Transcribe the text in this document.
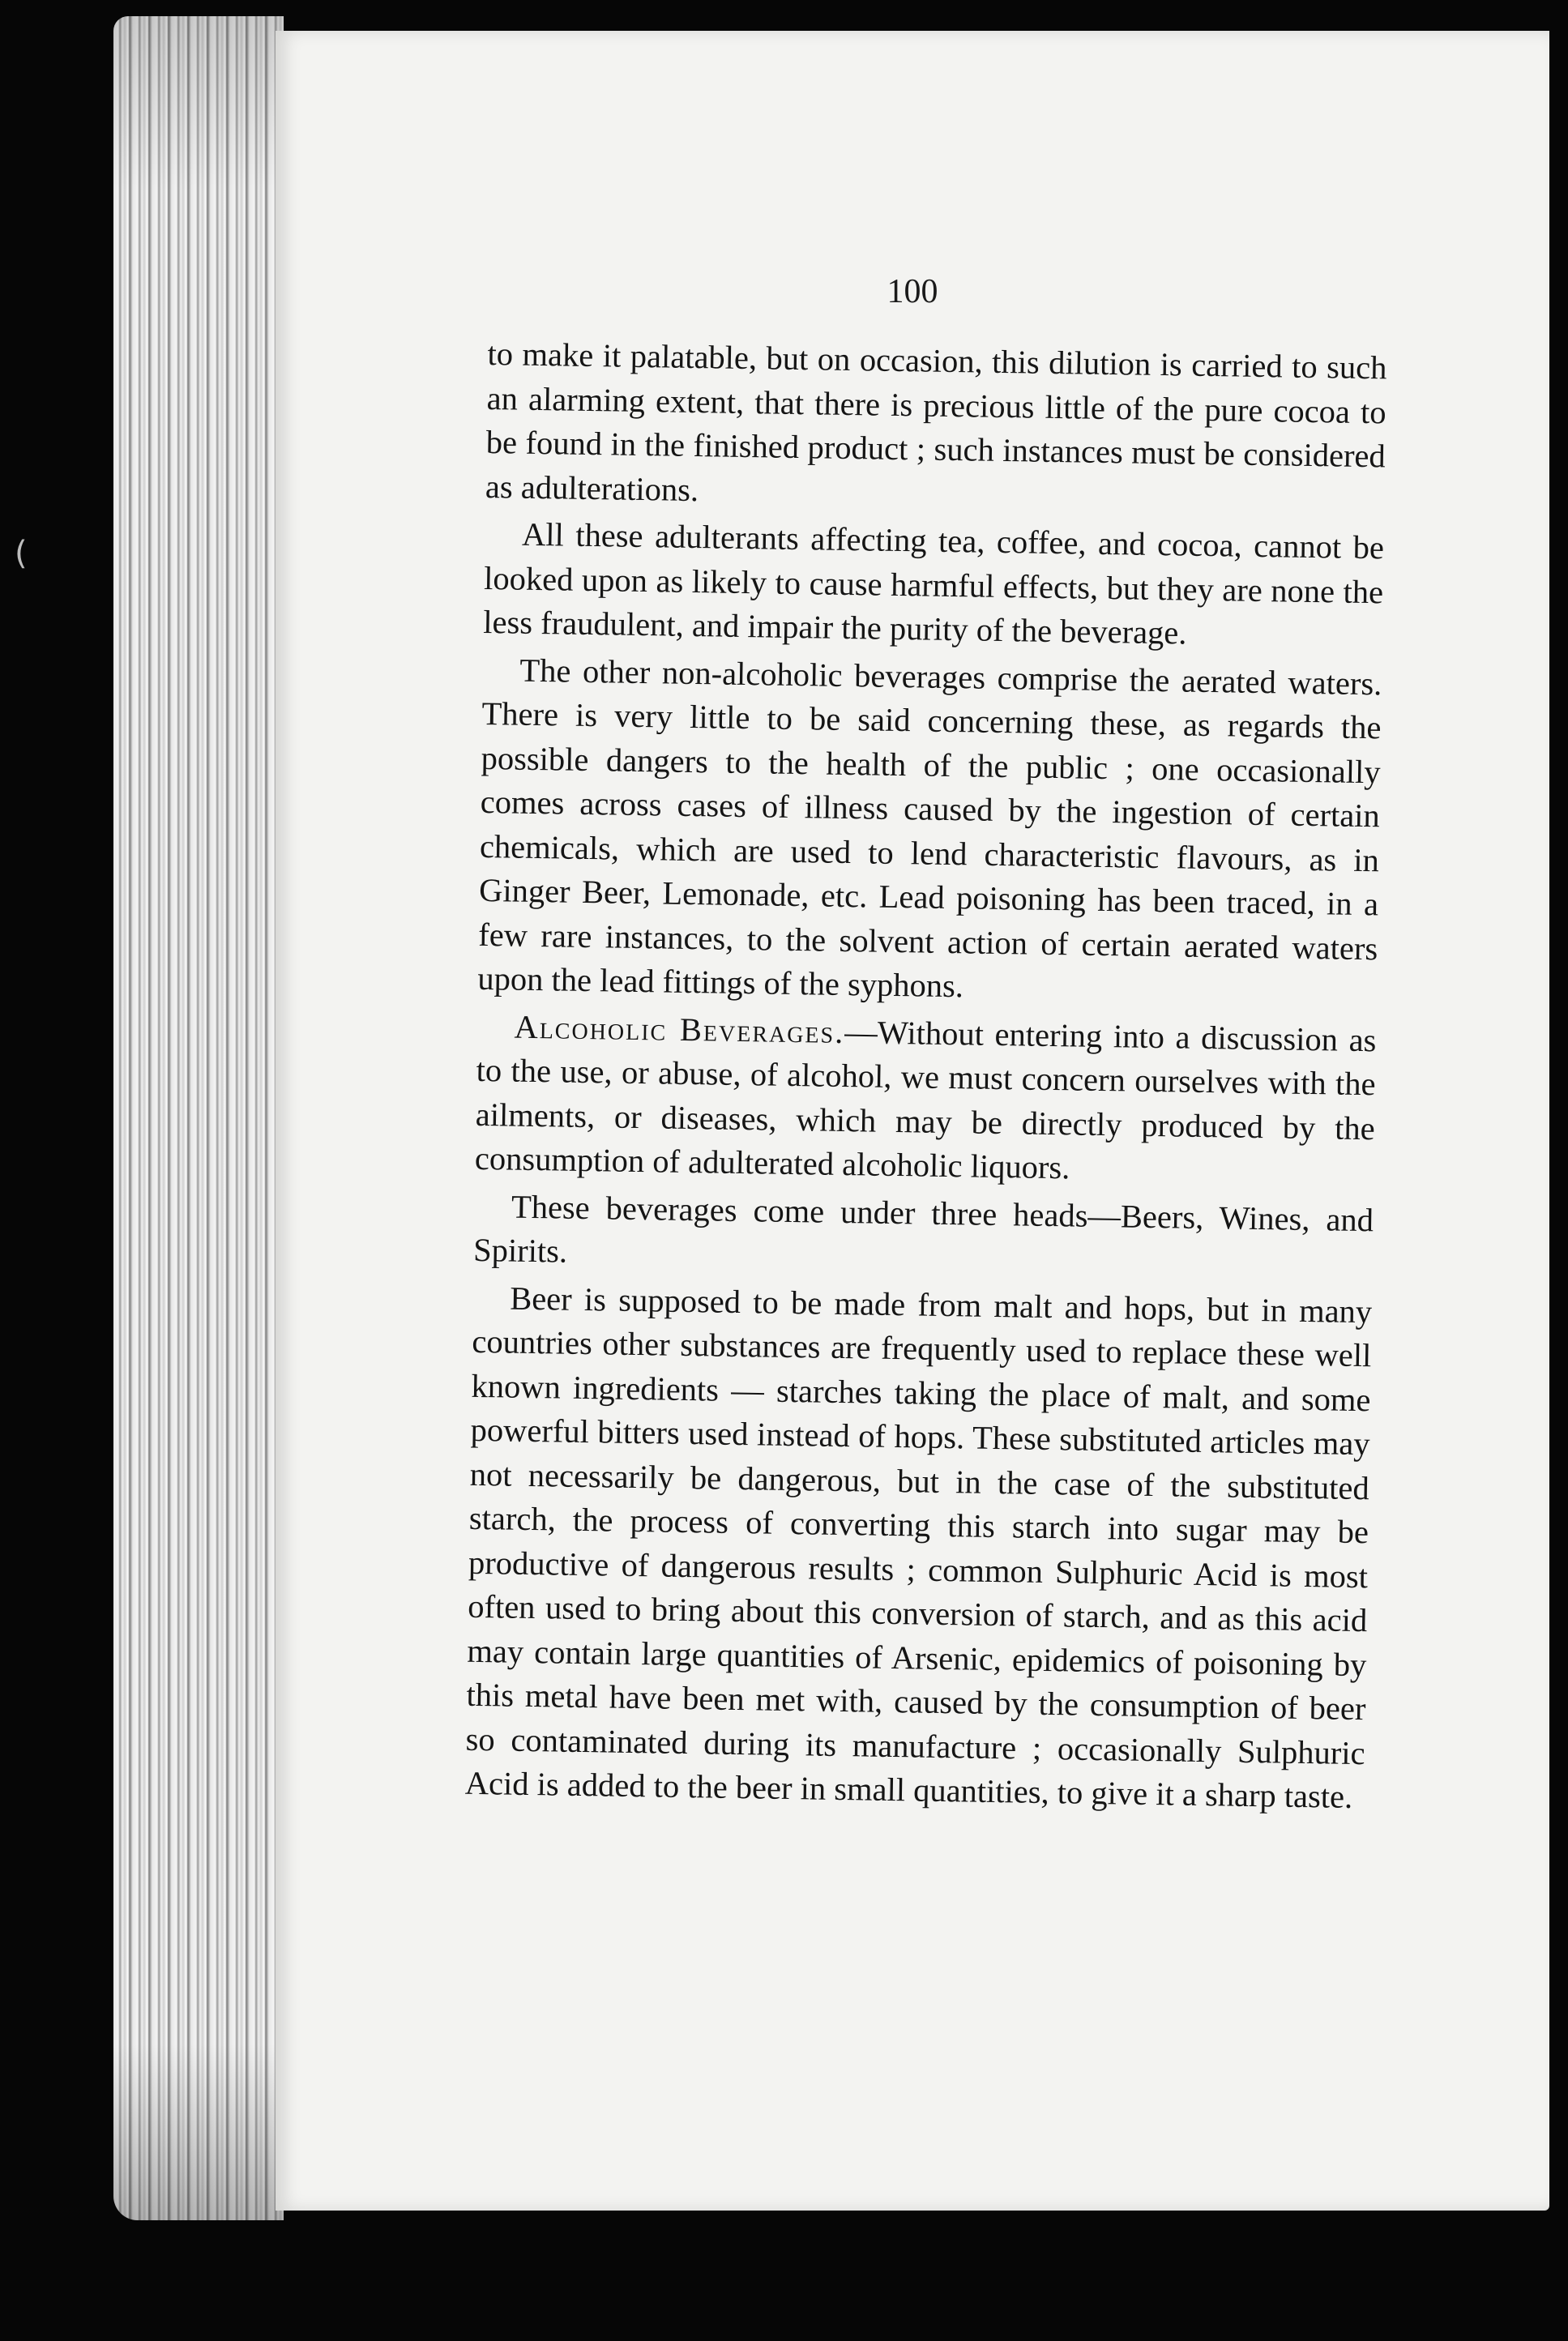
100

to make it palatable, but on occasion, this dilution is carried to such an alarming extent, that there is precious little of the pure cocoa to be found in the finished product ; such instances must be considered as adulterations.

All these adulterants affecting tea, coffee, and cocoa, cannot be looked upon as likely to cause harmful effects, but they are none the less fraudulent, and impair the purity of the beverage.

The other non-alcoholic beverages comprise the aerated waters. There is very little to be said concerning these, as regards the possible dangers to the health of the public ; one occasionally comes across cases of illness caused by the ingestion of certain chemicals, which are used to lend characteristic flavours, as in Ginger Beer, Lemonade, etc. Lead poisoning has been traced, in a few rare instances, to the solvent action of certain aerated waters upon the lead fittings of the syphons.

Alcoholic Beverages.—Without entering into a discussion as to the use, or abuse, of alcohol, we must concern ourselves with the ailments, or diseases, which may be directly produced by the consumption of adulterated alcoholic liquors.

These beverages come under three heads—Beers, Wines, and Spirits.

Beer is supposed to be made from malt and hops, but in many countries other substances are frequently used to replace these well known ingredients — starches taking the place of malt, and some powerful bitters used instead of hops. These substituted articles may not necessarily be dangerous, but in the case of the substituted starch, the process of converting this starch into sugar may be productive of dangerous results ; common Sulphuric Acid is most often used to bring about this conversion of starch, and as this acid may contain large quantities of Arsenic, epidemics of poisoning by this metal have been met with, caused by the consumption of beer so contaminated during its manufacture ; occasionally Sulphuric Acid is added to the beer in small quantities, to give it a sharp taste.

(
